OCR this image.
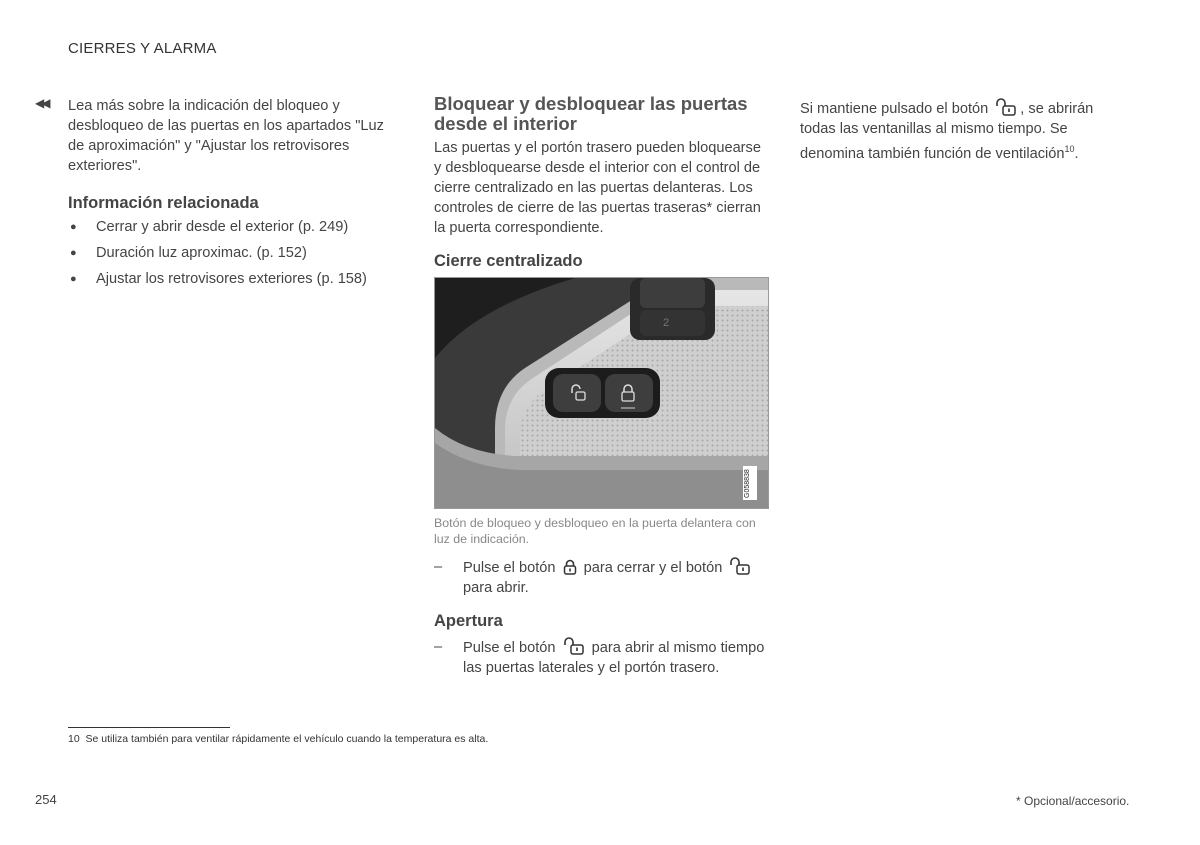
CIERRES Y ALARMA
◀◀ Lea más sobre la indicación del bloqueo y desbloqueo de las puertas en los apartados "Luz de aproximación" y "Ajustar los retrovisores exteriores".

Información relacionada
● Cerrar y abrir desde el exterior (p. 249)
● Duración luz aproximac. (p. 152)
● Ajustar los retrovisores exteriores (p. 158)
Bloquear y desbloquear las puertas desde el interior

Las puertas y el portón trasero pueden bloquearse y desbloquearse desde el interior con el control de cierre centralizado en las puertas delanteras. Los controles de cierre de las puertas traseras* cierran la puerta correspondiente.

Cierre centralizado
2
G058838
Botón de bloqueo y desbloqueo en la puerta delantera con luz de indicación.

– Pulse el botón para cerrar y el botón
para abrir.

Apertura

– Pulse el botón para abrir al mismo tiempo las puertas laterales y el portón trasero.

Si mantiene pulsado el botón , se abrirán todas las ventanillas al mismo tiempo. Se denomina también función de ventilación$^{10}$.

10 Se utiliza también para ventilar rápidamente el vehículo cuando la temperatura es alta.
254	* Opcional/accesorio.
